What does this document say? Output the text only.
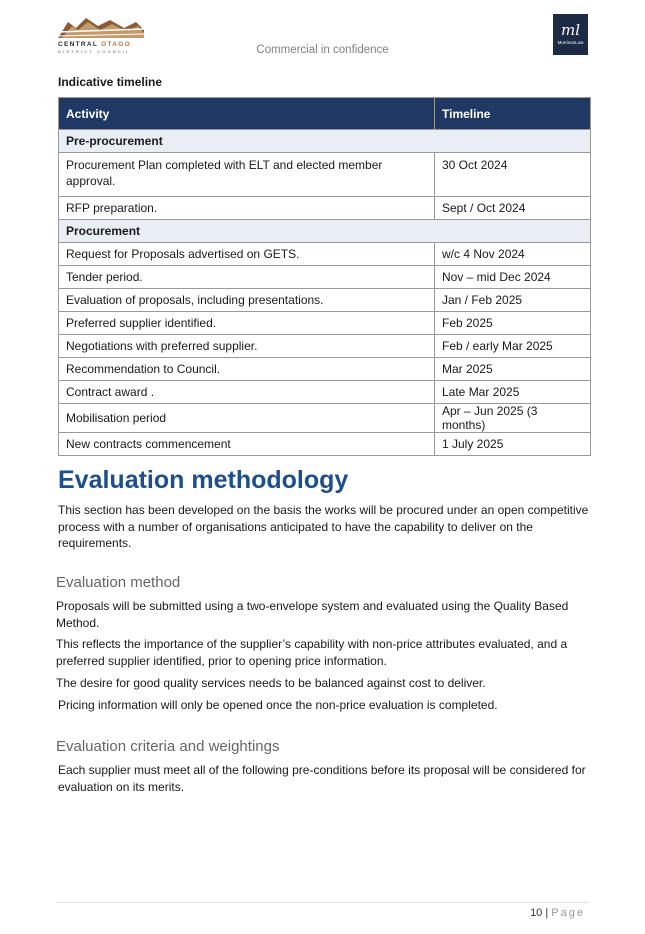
CENTRAL OTAGO
DISTRICT COUNCIL	Commercial in confidence
ml
MorrisonLow
Indicative timeline
Activity	Timeline
Pre-procurement	
Procurement Plan completed with ELT and elected member approval.	30 Oct 2024
RFP preparation.	Sept / Oct 2024
Procurement	
Request for Proposals advertised on GETS.	w/c 4 Nov 2024
Tender period.	Nov – mid Dec 2024
Evaluation of proposals, including presentations.	Jan / Feb 2025
Preferred supplier identified.	Feb 2025
Negotiations with preferred supplier.	Feb / early Mar 2025
Recommendation to Council.	Mar 2025
Contract award .	Late Mar 2025
Mobilisation period	Apr – Jun 2025 (3 months)
New contracts commencement	1 July 2025
Evaluation methodology
This section has been developed on the basis the works will be procured under an open competitive process with a number of organisations anticipated to have the capability to deliver on the requirements.
Evaluation method
Proposals will be submitted using a two-envelope system and evaluated using the Quality Based Method.
This reflects the importance of the supplier’s capability with non-price attributes evaluated, and a preferred supplier identified, prior to opening price information.
The desire for good quality services needs to be balanced against cost to deliver.
Pricing information will only be opened once the non-price evaluation is completed.
Evaluation criteria and weightings
Each supplier must meet all of the following pre-conditions before its proposal will be considered for evaluation on its merits.
10 | Page
